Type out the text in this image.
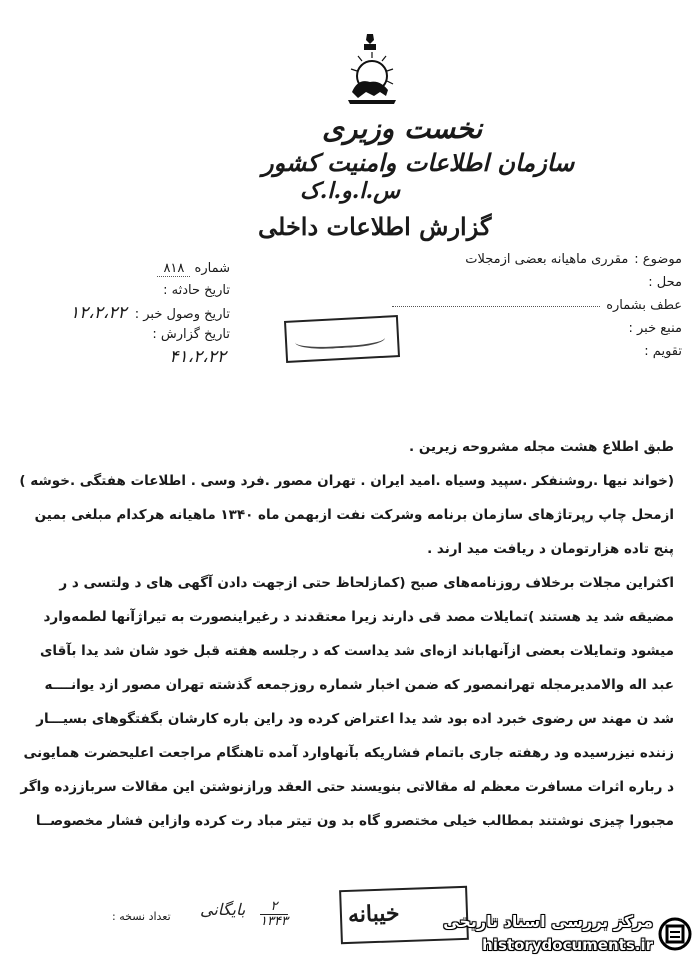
نخست وزیری
سازمان اطلاعات وامنیت کشور
س.ا.و.ا.ک
گزارش اطلاعات داخلی
موضوع :
مقرری ماهیانه بعضی ازمجلات
محل :
عطف بشماره
منبع خبر :
تقویم :
شماره ۸۱۸
تاریخ حادثه :
تاریخ وصول خبر : ۱۲،۲،۲۲
تاریخ گزارش :
۴۱،۲،۲۲

طبق اطلاع هشت مجله مشروحه زیرین .

(خواند نیها .روشنفکر .سپید وسیاه .امید ایران . تهران مصور .فرد وسی . اطلاعات هفتگی .خوشه )

ازمحل چاپ رپرتاژهای سازمان برنامه وشرکت نفت ازبهمن ماه ۱۳۴۰ ماهیانه هرکدام مبلغی بمین

پنج تاده هزارتومان د ریافت مید ارند .

اکثراین مجلات برخلاف روزنامه‌های صبح (کمازلحاظ حتی ازجهت دادن آگهی های د ولتسی د ر

مضیقه شد ید هستند )تمایلات مصد قی دارند زیرا معتقدند د رغیراینصورت به تیراژآنها لطمه‌وارد

میشود وتمایلات بعضی ازآنهاباند ازه‌ای شد یداست که د رجلسه هفته قبل خود شان شد یدا بآقای

عبد اله والامدیرمجله تهرانمصور که ضمن اخبار شماره روزجمعه گذشته تهران مصور ازد یوانــــه

شد ن مهند س رضوی خبرد اده بود شد یدا اعتراض کرده ود راین باره کارشان بگفتگوهای بسیـــار

زننده نیزرسیده ود رهفته جاری باتمام فشاریکه بآنهاوارد آمده تاهنگام مراجعت اعلیحضرت همایونی

د رباره اثرات مسافرت معظم له مقالاتی بنویسند حتی العقد ورازنوشتن این مقالات سرباززده واگر

مجبورا چیزی نوشتند بمطالب خیلی مختصرو گاه بد ون تیتر مباد رت کرده وازاین فشار مخصوصــا

تعداد نسخه : بایگانی	۲
۱۳۴۳	خیبانه	مرکز بررسی اسناد تاریخی
historydocuments.ir
